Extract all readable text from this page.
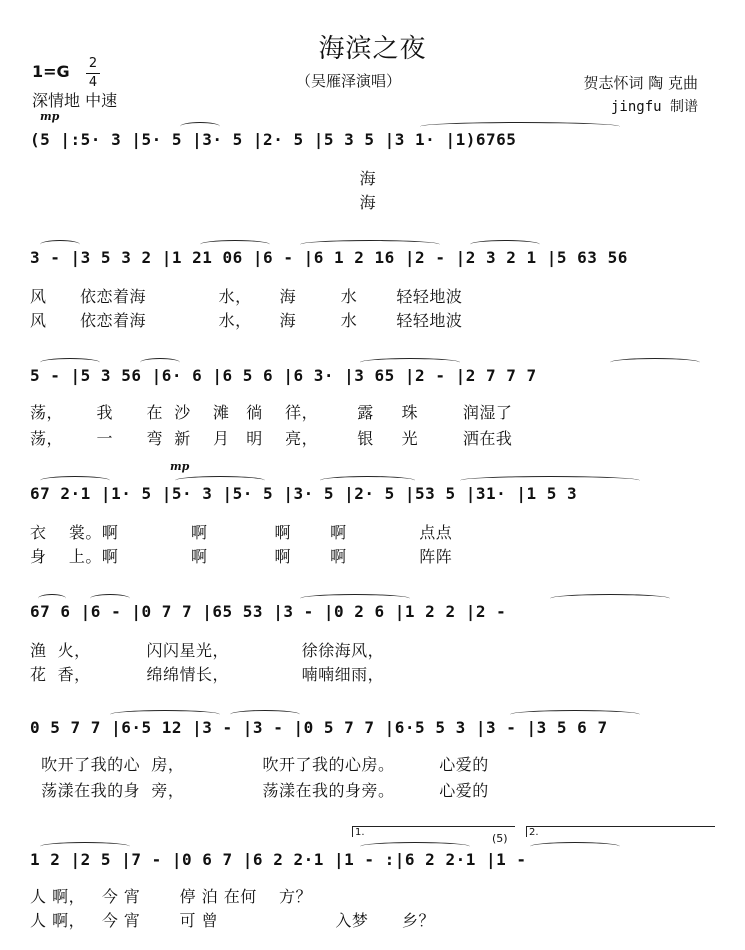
海滨之夜
（吴雁泽演唱）
1=G 2
4
深情地 中速
贺志怀词 陶 克曲
jingfu 制谱
mp
(5 |:5· 3 |5· 5 |3· 5 |2· 5 |5 3 5 |3 1· |1)6765
海
海
3 - |3 5 3 2 |1 21 06 |6 - |6 1 2 16 |2 - |2 3 2 1 |5 63 56
风      依恋着海             水，     海        水       轻轻地波
风      依恋着海             水，     海        水       轻轻地波
5 - |5 3 56 |6· 6 |6 5 6 |6 3· |3 65 |2 - |2 7 7 7
荡，      我      在  沙    滩   徜    徉，       露     珠        润湿了
荡，      一      弯  新    月   明    亮，       银     光        洒在我
mp
67 2·1 |1· 5 |5· 3 |5· 5 |3· 5 |2· 5 |53 5 |31· |1 5 3
衣    裳。啊             啊            啊       啊             点点
身    上。啊             啊            啊       啊             阵阵
67 6 |6 - |0 7 7 |65 53 |3 - |0 2 6 |1 2 2 |2 -
渔  火，          闪闪星光，             徐徐海风，
花  香，          绵绵情长，             喃喃细雨，
0 5 7 7 |6·5 12 |3 - |3 - |0 5 7 7 |6·5 5 3 |3 - |3 5 6 7
吹开了我的心  房，              吹开了我的心房。        心爱的
荡漾在我的身  旁，              荡漾在我的身旁。        心爱的
1.	2.
(5)
1 2 |2 5 |7 - |0 6 7 |6 2 2·1 |1 - :|6 2 2·1 |1 -
人 啊，   今 宵       停 泊 在何    方？
人 啊，   今 宵       可 曾                     入梦      乡？
